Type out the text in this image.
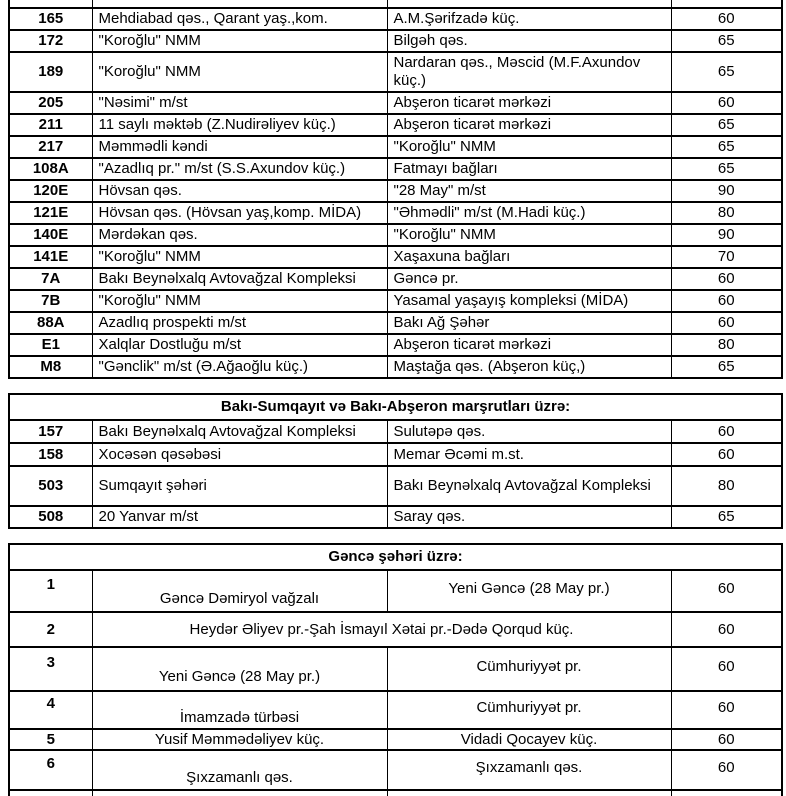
165	Mehdiabad qəs., Qarant yaş.,kom.	A.M.Şərifzadə küç.	60
172	"Koroğlu" NMM	Bilgəh qəs.	65
189	"Koroğlu" NMM	Nardaran qəs., Məscid (M.F.Axundov küç.)	65
205	"Nəsimi" m/st	Abşeron ticarət mərkəzi	60
211	11 saylı məktəb (Z.Nudirəliyev küç.)	Abşeron ticarət mərkəzi	65
217	Məmmədli kəndi	"Koroğlu" NMM	65
108A	"Azadlıq pr." m/st (S.S.Axundov küç.)	Fatmayı bağları	65
120E	Hövsan qəs.	"28 May" m/st	90
121E	Hövsan qəs. (Hövsan yaş,komp. MİDA)	"Əhmədli" m/st (M.Hadi küç.)	80
140E	Mərdəkan qəs.	"Koroğlu" NMM	90
141E	"Koroğlu" NMM	Xaşaxuna bağları	70
7A	Bakı Beynəlxalq Avtovağzal Kompleksi	Gəncə pr.	60
7B	"Koroğlu" NMM	Yasamal yaşayış kompleksi (MİDA)	60
88A	Azadlıq prospekti m/st	Bakı Ağ Şəhər	60
E1	Xalqlar Dostluğu m/st	Abşeron ticarət mərkəzi	80
M8	"Gənclik" m/st (Ə.Ağaoğlu küç.)	Maştağa qəs. (Abşeron küç,)	65
Bakı-Sumqayıt və Bakı-Abşeron marşrutları üzrə:			
157	Bakı Beynəlxalq Avtovağzal Kompleksi	Sulutəpə qəs.	60
158	Xocəsən qəsəbəsi	Memar Əcəmi m.st.	60
503	Sumqayıt şəhəri	Bakı Beynəlxalq Avtovağzal Kompleksi	80
508	20 Yanvar m/st	Saray qəs.	65
Gəncə şəhəri üzrə:			
1	Gəncə Dəmiryol vağzalı	Yeni Gəncə (28 May pr.)	60
2	Heydər Əliyev pr.-Şah İsmayıl Xətai pr.-Dədə Qorqud küç.		60
3	Yeni Gəncə (28 May pr.)	Cümhuriyyət pr.	60
4	İmamzadə türbəsi	Cümhuriyyət pr.	60
5	Yusif Məmmədəliyev küç.	Vidadi Qocayev küç.	60
6	Şıxzamanlı qəs.	Şıxzamanlı qəs.	60
